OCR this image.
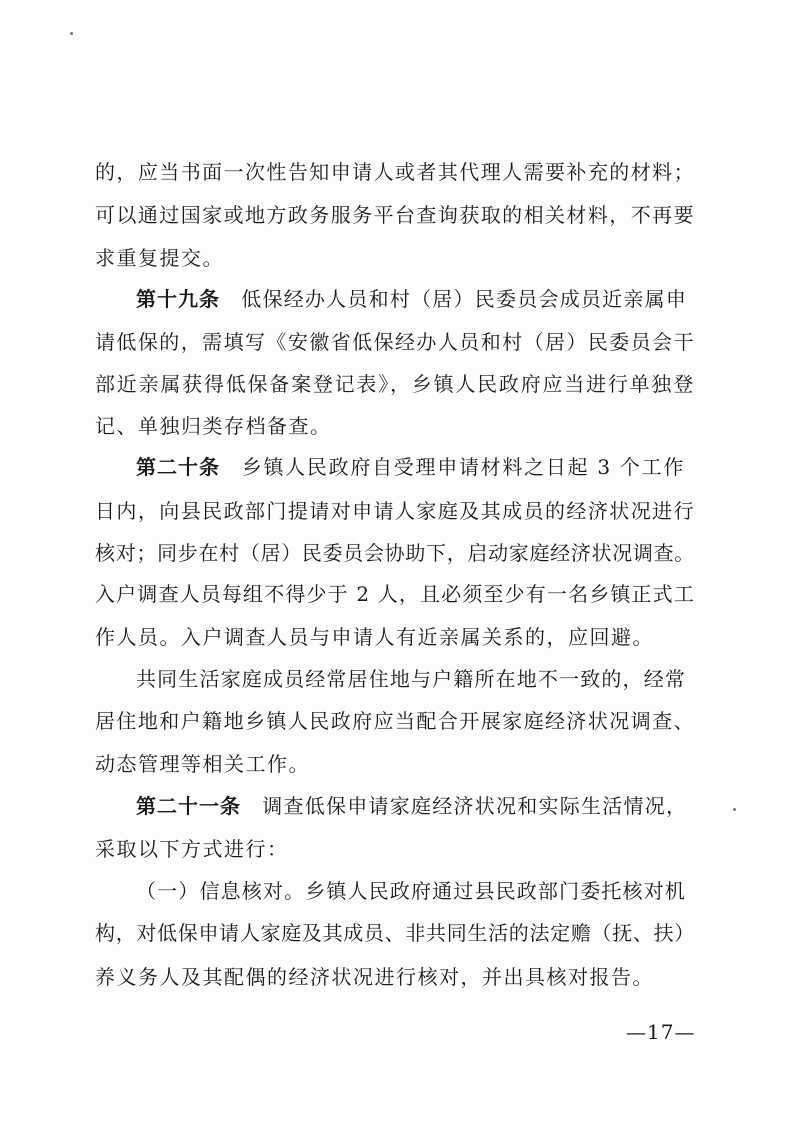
的，应当书面一次性告知申请人或者其代理人需要补充的材料；
可以通过国家或地方政务服务平台查询获取的相关材料，不再要
求重复提交。
第十九条　低保经办人员和村（居）民委员会成员近亲属申
请低保的，需填写《安徽省低保经办人员和村（居）民委员会干
部近亲属获得低保备案登记表》，乡镇人民政府应当进行单独登
记、单独归类存档备查。
第二十条　乡镇人民政府自受理申请材料之日起 3 个工作
日内，向县民政部门提请对申请人家庭及其成员的经济状况进行
核对；同步在村（居）民委员会协助下，启动家庭经济状况调查。
入户调查人员每组不得少于 2 人，且必须至少有一名乡镇正式工
作人员。入户调查人员与申请人有近亲属关系的，应回避。
共同生活家庭成员经常居住地与户籍所在地不一致的，经常
居住地和户籍地乡镇人民政府应当配合开展家庭经济状况调查、
动态管理等相关工作。
第二十一条　调查低保申请家庭经济状况和实际生活情况，
采取以下方式进行：
（一）信息核对。乡镇人民政府通过县民政部门委托核对机
构，对低保申请人家庭及其成员、非共同生活的法定赡（抚、扶）
养义务人及其配偶的经济状况进行核对，并出具核对报告。
—17—
